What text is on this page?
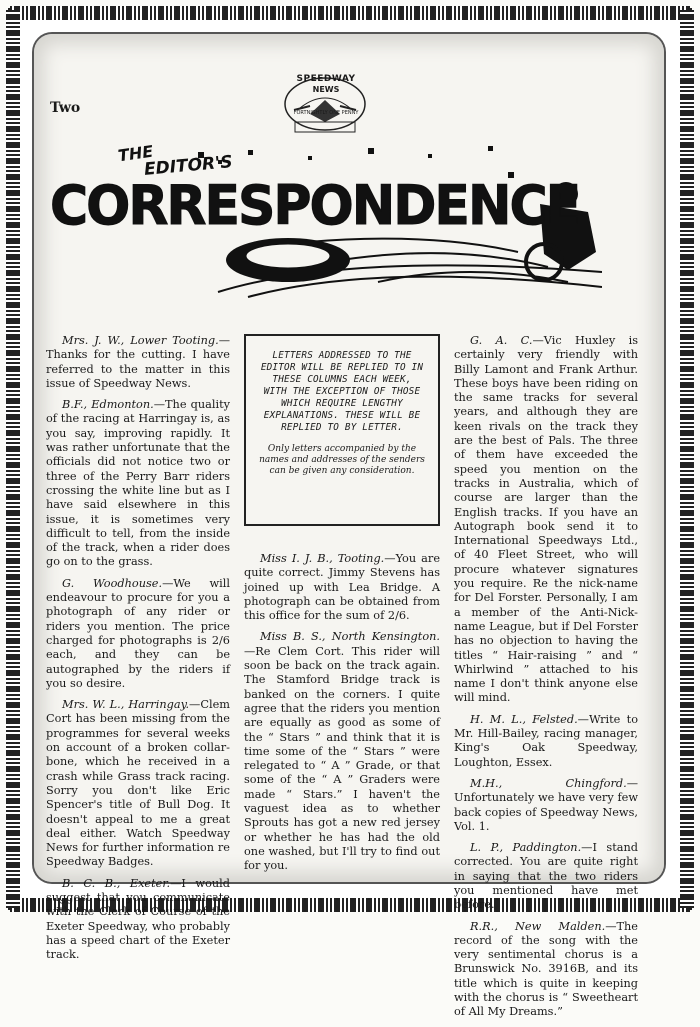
Two
SPEEDWAY
NEWS
FORTNIGHTLY ONE PENNY
THE
EDITOR'S
CORRESPONDENCE

Mrs. J. W., Lower Tooting.—Thanks for the cutting. I have referred to the matter in this issue of Speedway News.

B.F., Edmonton.—The quality of the racing at Harringay is, as you say, improving rapidly. It was rather unfortunate that the officials did not notice two or three of the Perry Barr riders crossing the white line but as I have said elsewhere in this issue, it is sometimes very difficult to tell, from the inside of the track, when a rider does go on to the grass.

G. Woodhouse.—We will endeavour to procure for you a photograph of any rider or riders you mention. The price charged for photographs is 2/6 each, and they can be autographed by the riders if you so desire.

Mrs. W. L., Harringay.—Clem Cort has been missing from the programmes for several weeks on account of a broken collar-bone, which he received in a crash while Grass track racing. Sorry you don't like Eric Spencer's title of Bull Dog. It doesn't appeal to me a great deal either. Watch Speedway News for further information re Speedway Badges.

B. C. B., Exeter.—I would suggest that you communicate with the Clerk of Course of the Exeter Speedway, who probably has a speed chart of the Exeter track.

LETTERS ADDRESSED TO THE EDITOR WILL BE REPLIED TO IN THESE COLUMNS EACH WEEK, WITH THE EXCEPTION OF THOSE WHICH REQUIRE LENGTHY EXPLANATIONS. THESE WILL BE REPLIED TO BY LETTER.
Only letters accompanied by the names and addresses of the senders can be given any consideration.

Miss I. J. B., Tooting.—You are quite correct. Jimmy Stevens has joined up with Lea Bridge. A photograph can be obtained from this office for the sum of 2/6.

Miss B. S., North Kensington.—Re Clem Cort. This rider will soon be back on the track again. The Stamford Bridge track is banked on the corners. I quite agree that the riders you mention are equally as good as some of the “ Stars ” and think that it is time some of the “ Stars ” were relegated to “ A ” Grade, or that some of the “ A ” Graders were made “ Stars.” I haven't the vaguest idea as to whether Sprouts has got a new red jersey or whether he has had the old one washed, but I'll try to find out for you.

G. A. C.—Vic Huxley is certainly very friendly with Billy Lamont and Frank Arthur. These boys have been riding on the same tracks for several years, and although they are keen rivals on the track they are the best of Pals. The three of them have exceeded the speed you mention on the tracks in Australia, which of course are larger than the English tracks. If you have an Autograph book send it to International Speedways Ltd., of 40 Fleet Street, who will procure whatever signatures you require. Re the nick-name for Del Forster. Personally, I am a member of the Anti-Nick-name League, but if Del Forster has no objection to having the titles “ Hair-raising ” and “ Whirlwind ” attached to his name I don't think anyone else will mind.

H. M. L., Felsted.—Write to Mr. Hill-Bailey, racing manager, King's Oak Speedway, Loughton, Essex.

M.H., Chingford.—Unfortunately we have very few back copies of Speedway News, Vol. 1.

L. P., Paddington.—I stand corrected. You are quite right in saying that the two riders you mentioned have met before.

R.R., New Malden.—The record of the song with the very sentimental chorus is a Brunswick No. 3916B, and its title which is quite in keeping with the chorus is “ Sweetheart of All My Dreams.”
